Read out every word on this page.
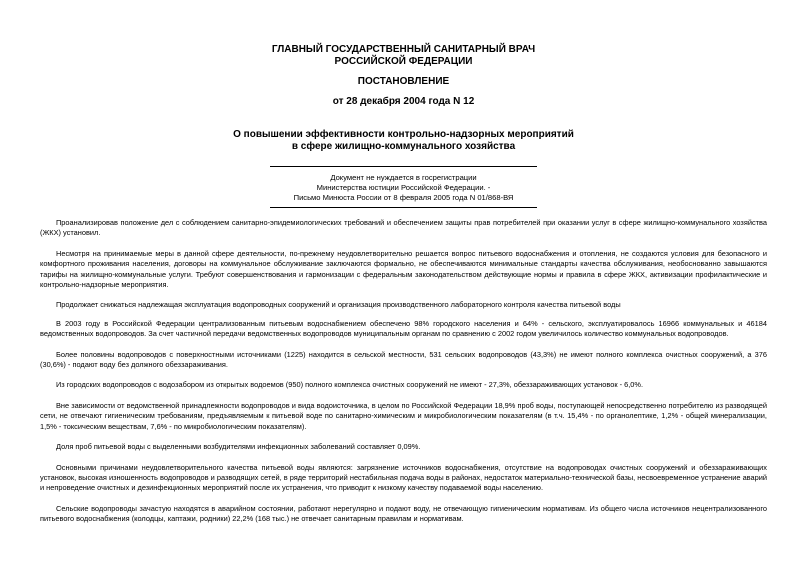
ГЛАВНЫЙ ГОСУДАРСТВЕННЫЙ САНИТАРНЫЙ ВРАЧ
РОССИЙСКОЙ ФЕДЕРАЦИИ
ПОСТАНОВЛЕНИЕ
от 28 декабря 2004 года N 12
О повышении эффективности контрольно-надзорных мероприятий
в сфере жилищно-коммунального хозяйства
Документ не нуждается в госрегистрации
Министерства юстиции Российской Федерации. -
Письмо Минюста России от 8 февраля 2005 года N 01/868-ВЯ

Проанализировав положение дел с соблюдением санитарно-эпидемиологических требований и обеспечением защиты прав потребителей при оказании услуг в сфере жилищно-коммунального хозяйства (ЖКХ) установил.

Несмотря на принимаемые меры в данной сфере деятельности, по-прежнему неудовлетворительно решается вопрос питьевого водоснабжения и отопления, не создаются условия для безопасного и комфортного проживания населения, договоры на коммунальное обслуживание заключаются формально, не обеспечиваются минимальные стандарты качества обслуживания, необоснованно завышаются тарифы на жилищно-коммунальные услуги. Требуют совершенствования и гармонизации с федеральным законодательством действующие нормы и правила в сфере ЖКХ, активизации профилактические и контрольно-надзорные мероприятия.

Продолжает снижаться надлежащая эксплуатация водопроводных сооружений и организация производственного лабораторного контроля качества питьевой воды

В 2003 году в Российской Федерации централизованным питьевым водоснабжением обеспечено 98% городского населения и 64% - сельского, эксплуатировалось 16966 коммунальных и 46184 ведомственных водопроводов. За счет частичной передачи ведомственных водопроводов муниципальным органам по сравнению с 2002 годом увеличилось количество коммунальных водопроводов.

Более половины водопроводов с поверхностными источниками (1225) находится в сельской местности, 531 сельских водопроводов (43,3%) не имеют полного комплекса очистных сооружений, а 376 (30,6%) - подают воду без должного обеззараживания.

Из городских водопроводов с водозабором из открытых водоемов (950) полного комплекса очистных сооружений не имеют - 27,3%, обеззараживающих установок - 6,0%.

Вне зависимости от ведомственной принадлежности водопроводов и вида водоисточника, в целом по Российской Федерации 18,9% проб воды, поступающей непосредственно потребителю из разводящей сети, не отвечают гигиеническим требованиям, предъявляемым к питьевой воде по санитарно-химическим и микробиологическим показателям (в т.ч. 15,4% - по органолептике, 1,2% - общей минерализации, 1,5% - токсическим веществам, 7,6% - по микробиологическим показателям).

Доля проб питьевой воды с выделенными возбудителями инфекционных заболеваний составляет 0,09%.

Основными причинами неудовлетворительного качества питьевой воды являются: загрязнение источников водоснабжения, отсутствие на водопроводах очистных сооружений и обеззараживающих установок, высокая изношенность водопроводов и разводящих сетей, в ряде территорий нестабильная подача воды в районах, недостаток материально-технической базы, несвоевременное устранение аварий и непроведение очистных и дезинфекционных мероприятий после их устранения, что приводит к низкому качеству подаваемой воды населению.

Сельские водопроводы зачастую находятся в аварийном состоянии, работают нерегулярно и подают воду, не отвечающую гигиеническим нормативам. Из общего числа источников нецентрализованного питьевого водоснабжения (колодцы, каптажи, родники) 22,2% (168 тыс.) не отвечает санитарным правилам и нормативам.
